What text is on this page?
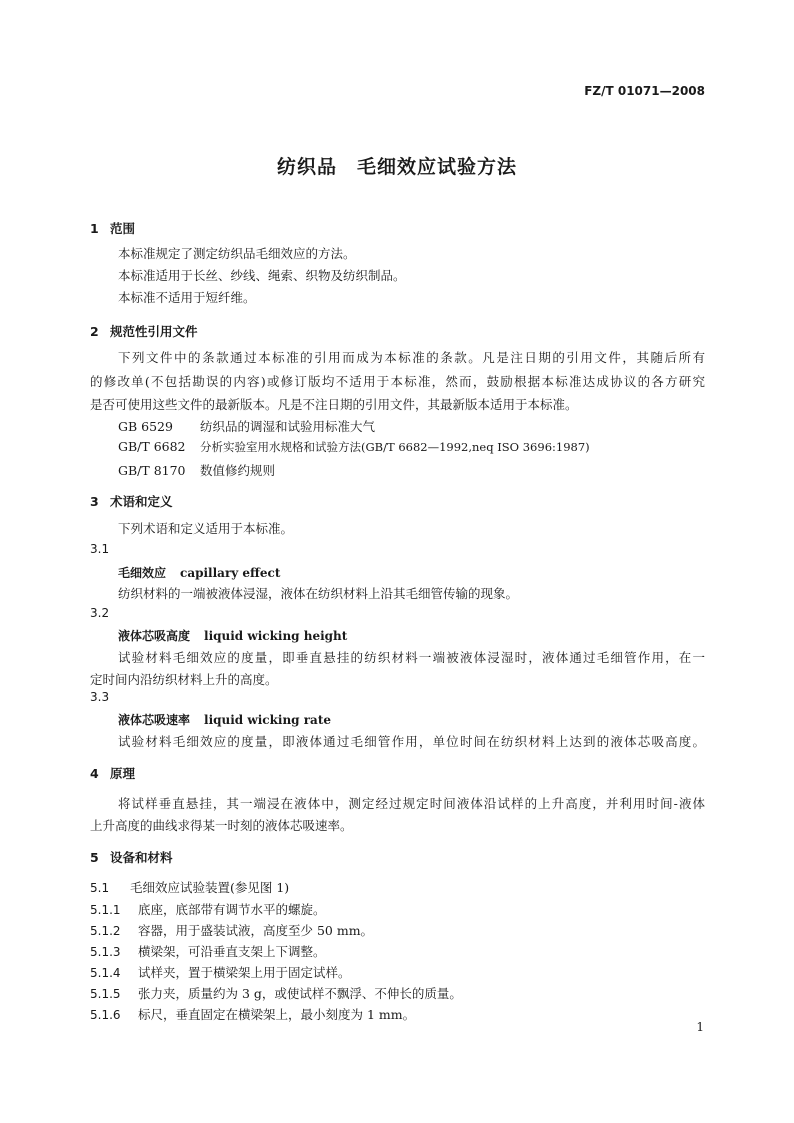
FZ/T 01071—2008
纺织品　毛细效应试验方法
1 范围
本标准规定了测定纺织品毛细效应的方法。
本标准适用于长丝、纱线、绳索、织物及纺织制品。
本标准不适用于短纤维。
2 规范性引用文件
下列文件中的条款通过本标准的引用而成为本标准的条款。凡是注日期的引用文件，其随后所有
的修改单(不包括勘误的内容)或修订版均不适用于本标准，然而，鼓励根据本标准达成协议的各方研究
是否可使用这些文件的最新版本。凡是不注日期的引用文件，其最新版本适用于本标准。
GB 6529 纺织品的调湿和试验用标准大气
GB/T 6682 分析实验室用水规格和试验方法(GB/T 6682—1992,neq ISO 3696:1987)
GB/T 8170 数值修约规则
3 术语和定义
下列术语和定义适用于本标准。
3.1
毛细效应 capillary effect
纺织材料的一端被液体浸湿，液体在纺织材料上沿其毛细管传输的现象。
3.2
液体芯吸高度 liquid wicking height
试验材料毛细效应的度量，即垂直悬挂的纺织材料一端被液体浸湿时，液体通过毛细管作用，在一
定时间内沿纺织材料上升的高度。
3.3
液体芯吸速率 liquid wicking rate
试验材料毛细效应的度量，即液体通过毛细管作用，单位时间在纺织材料上达到的液体芯吸高度。
4 原理
将试样垂直悬挂，其一端浸在液体中，测定经过规定时间液体沿试样的上升高度，并利用时间-液体
上升高度的曲线求得某一时刻的液体芯吸速率。
5 设备和材料
5.1 毛细效应试验装置(参见图 1)
5.1.1 底座，底部带有调节水平的螺旋。
5.1.2 容器，用于盛装试液，高度至少 50 mm。
5.1.3 横梁架，可沿垂直支架上下调整。
5.1.4 试样夹，置于横梁架上用于固定试样。
5.1.5 张力夹，质量约为 3 g，或使试样不飘浮、不伸长的质量。
5.1.6 标尺，垂直固定在横梁架上，最小刻度为 1 mm。
1
